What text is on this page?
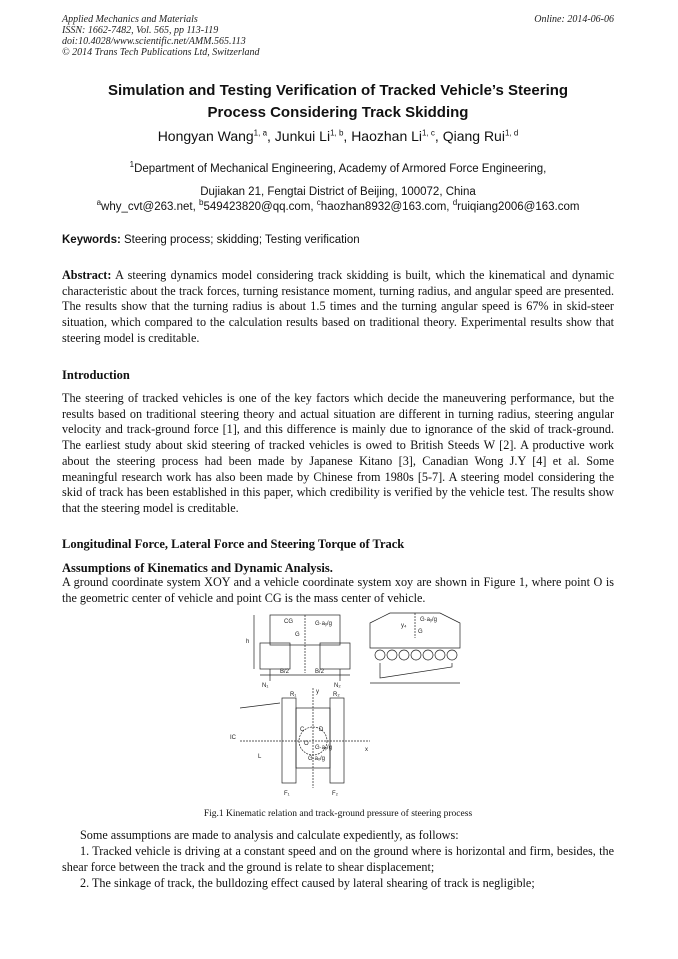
Applied Mechanics and Materials
ISSN: 1662-7482, Vol. 565, pp 113-119
doi:10.4028/www.scientific.net/AMM.565.113
© 2014 Trans Tech Publications Ltd, Switzerland
Online: 2014-06-06
Simulation and Testing Verification of Tracked Vehicle’s Steering
Process Considering Track Skidding
Hongyan Wang$^{1, a}$, Junkui Li$^{1, b}$, Haozhan Li$^{1, c}$, Qiang Rui$^{1, d}$
$^1$Department of Mechanical Engineering, Academy of Armored Force Engineering,
Dujiakan 21, Fengtai District of Beijing, 100072, China
$^a$why_cvt@263.net, $^b$549423820@qq.com, $^c$haozhan8932@163.com, $^d$ruiqiang2006@163.com
Keywords: Steering process; skidding; Testing verification
Abstract: A steering dynamics model considering track skidding is built, which the kinematical and dynamic characteristic about the track forces, turning resistance moment, turning radius, and angular speed are presented. The results show that the turning radius is about 1.5 times and the turning angular speed is 67% in skid-steer situation, which compared to the calculation results based on traditional theory. Experimental results show that steering model is creditable.
Introduction
The steering of tracked vehicles is one of the key factors which decide the maneuvering performance, but the results based on traditional steering theory and actual situation are different in turning radius, steering angular velocity and track-ground force [1], and this difference is mainly due to ignorance of the skid of track-ground. The earliest study about skid steering of tracked vehicles is owed to British Steeds W [2]. A productive work about the steering process had been made by Japanese Kitano [3], Canadian Wong J.Y [4] et al. Some meaningful research work has also been made by Chinese from 1980s [5-7]. A steering model considering the skid of track has been established in this paper, which credibility is verified by the vehicle test. The results show that the steering model is creditable.
Longitudinal Force, Lateral Force and Steering Torque of Track
Assumptions of Kinematics and Dynamic Analysis.
A ground coordinate system XOY and a vehicle coordinate system xoy are shown in Figure 1, where point O is the geometric center of vehicle and point CG is the mass center of vehicle.
CG	G·aᵧ/g
G
h
B/2	B/2
N₁	N₂
y₄
G·aᵧ/g
G
R₁	R₂
y
x
IC
L
G·aᵧ/g
G·aₓ/g
O
C D
F₁	F₂
Fig.1 Kinematic relation and track-ground pressure of steering process
Some assumptions are made to analysis and calculate expediently, as follows:
1. Tracked vehicle is driving at a constant speed and on the ground where is horizontal and firm, besides, the shear force between the track and the ground is relate to shear displacement;
2. The sinkage of track, the bulldozing effect caused by lateral shearing of track is negligible;
